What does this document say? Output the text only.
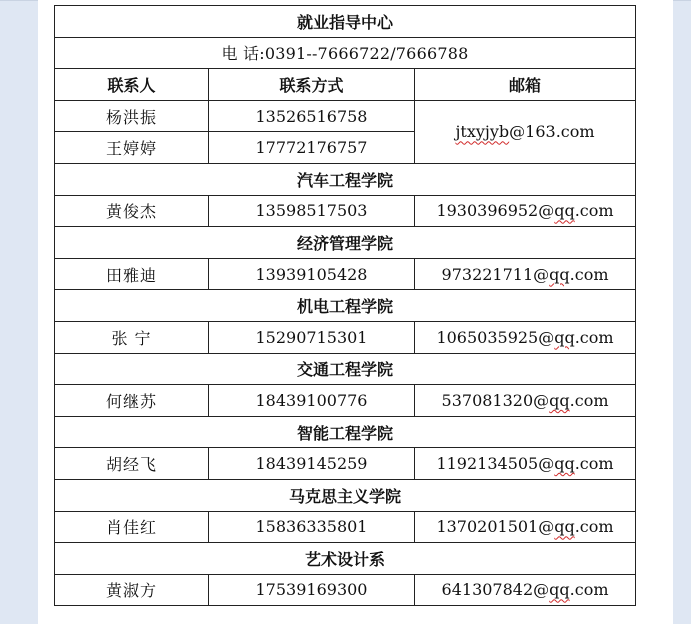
就业指导中心		
电 话:0391--7666722/7666788		
联系人	联系方式	邮箱
杨洪振	13526516758	jtxyjyb@163.com
王婷婷	17772176757	
汽车工程学院		
黄俊杰	13598517503	1930396952@qq.com
经济管理学院		
田雅迪	13939105428	973221711@qq.com
机电工程学院		
张 宁	15290715301	1065035925@qq.com
交通工程学院		
何继苏	18439100776	537081320@qq.com
智能工程学院		
胡经飞	18439145259	1192134505@qq.com
马克思主义学院		
肖佳红	15836335801	1370201501@qq.com
艺术设计系		
黄淑方	17539169300	641307842@qq.com
